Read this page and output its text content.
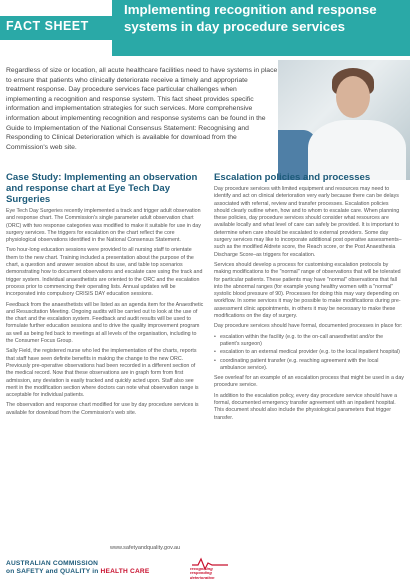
FACT SHEET
Implementing recognition and response systems in day procedure services

Regardless of size or location, all acute healthcare facilities need to have systems in place to ensure that patients who clinically deteriorate receive a timely and appropriate treatment response. Day procedure services face particular challenges when implementing a recognition and response system. This fact sheet provides specific information and implementation strategies for such services. More comprehensive information about implementing recognition and response systems can be found in the Guide to Implementation of the National Consensus Statement: Recognising and Responding to Clinical Deterioration which is available for download from the Commission's web site.

Case Study: Implementing an observation and response chart at Eye Tech Day Surgeries

Eye Tech Day Surgeries recently implemented a track and trigger adult observation and response chart. The Commission's single parameter adult observation chart (ORC) with two response categories was modified to make it suitable for use in day surgery services. The triggers for escalation on the chart reflect the core physiological observations identified in the National Consensus Statement.

Two hour-long education sessions were provided to all nursing staff to orientate them to the new chart. Training included a presentation about the purpose of the chart, a question and answer session about its use, and table top scenarios demonstrating how to document observations and escalate care using the track and trigger system. Individual anaesthetists are oriented to the ORC and the escalation process prior to commencing their operating lists. Annual updates will be incorporated into compulsory CRISIS DAY education sessions.

Feedback from the anaesthetists will be listed as an agenda item for the Anaesthetic and Resuscitation Meeting. Ongoing audits will be carried out to look at the use of the chart and the escalation system. Feedback and audit results will be used to formulate further education sessions and to drive the quality improvement program as well as being fed back to meetings at all levels of the organisation, including to the Consumer Focus Group.

Sally Field, the registered nurse who led the implementation of the charts, reports that staff have seen definite benefits in making the change to the new ORC. Previously pre-operative observations had been recorded in a different section of the medical record. Now that these observations are in graph form from first admission, any deviation is easily tracked and quickly acted upon. Staff also see merit in the modification section where doctors can note what observation range is acceptable for individual patients.

The observation and response chart modified for use by day procedure services is available for download from the Commission's web site.

Escalation policies and processes

Day procedure services with limited equipment and resources may need to identify and act on clinical deterioration very early because there can be delays associated with referral, review and transfer processes. Escalation policies should clearly outline when, how and to whom to escalate care. When planning these policies, day procedure services should consider what resources are available locally and what level of care can safely be provided. It is important to determine when care should be escalated to external providers. Some day surgery services may like to incorporate additional post operative assessments–such as the modified Aldrete score, the Reach score, or the Post Anaesthesia Discharge Score–as triggers for escalation.

Services should develop a process for customising escalation protocols by making modifications to the "normal" range of observations that will be tolerated for particular patients. These patients may have "normal" observations that fall into the abnormal ranges (for example young healthy women with a "normal" systolic blood pressure of 90). Processes for doing this may vary depending on workflow. In some services it may be possible to make modifications during pre-assessment clinic appointments, in others it may be necessary to make these modifications on the day of surgery.

Day procedure services should have formal, documented processes in place for:

• escalation within the facility (e.g. to the on-call anaesthetist and/or the patient's surgeon)
• escalation to an external medical provider (e.g. to the local inpatient hospital)
• coordinating patient transfer (e.g. reaching agreement with the local ambulance service).

See overleaf for an example of an escalation process that might be used in a day procedure service.

In addition to the escalation policy, every day procedure service should have a formal, documented emergency transfer agreement with an inpatient hospital. This document should also include the physiological parameters that trigger transfer.

www.safetyandquality.gov.au
AUSTRALIAN COMMISSION
on SAFETY and QUALITY in HEALTH CARE	recognising
responding
deterioration
